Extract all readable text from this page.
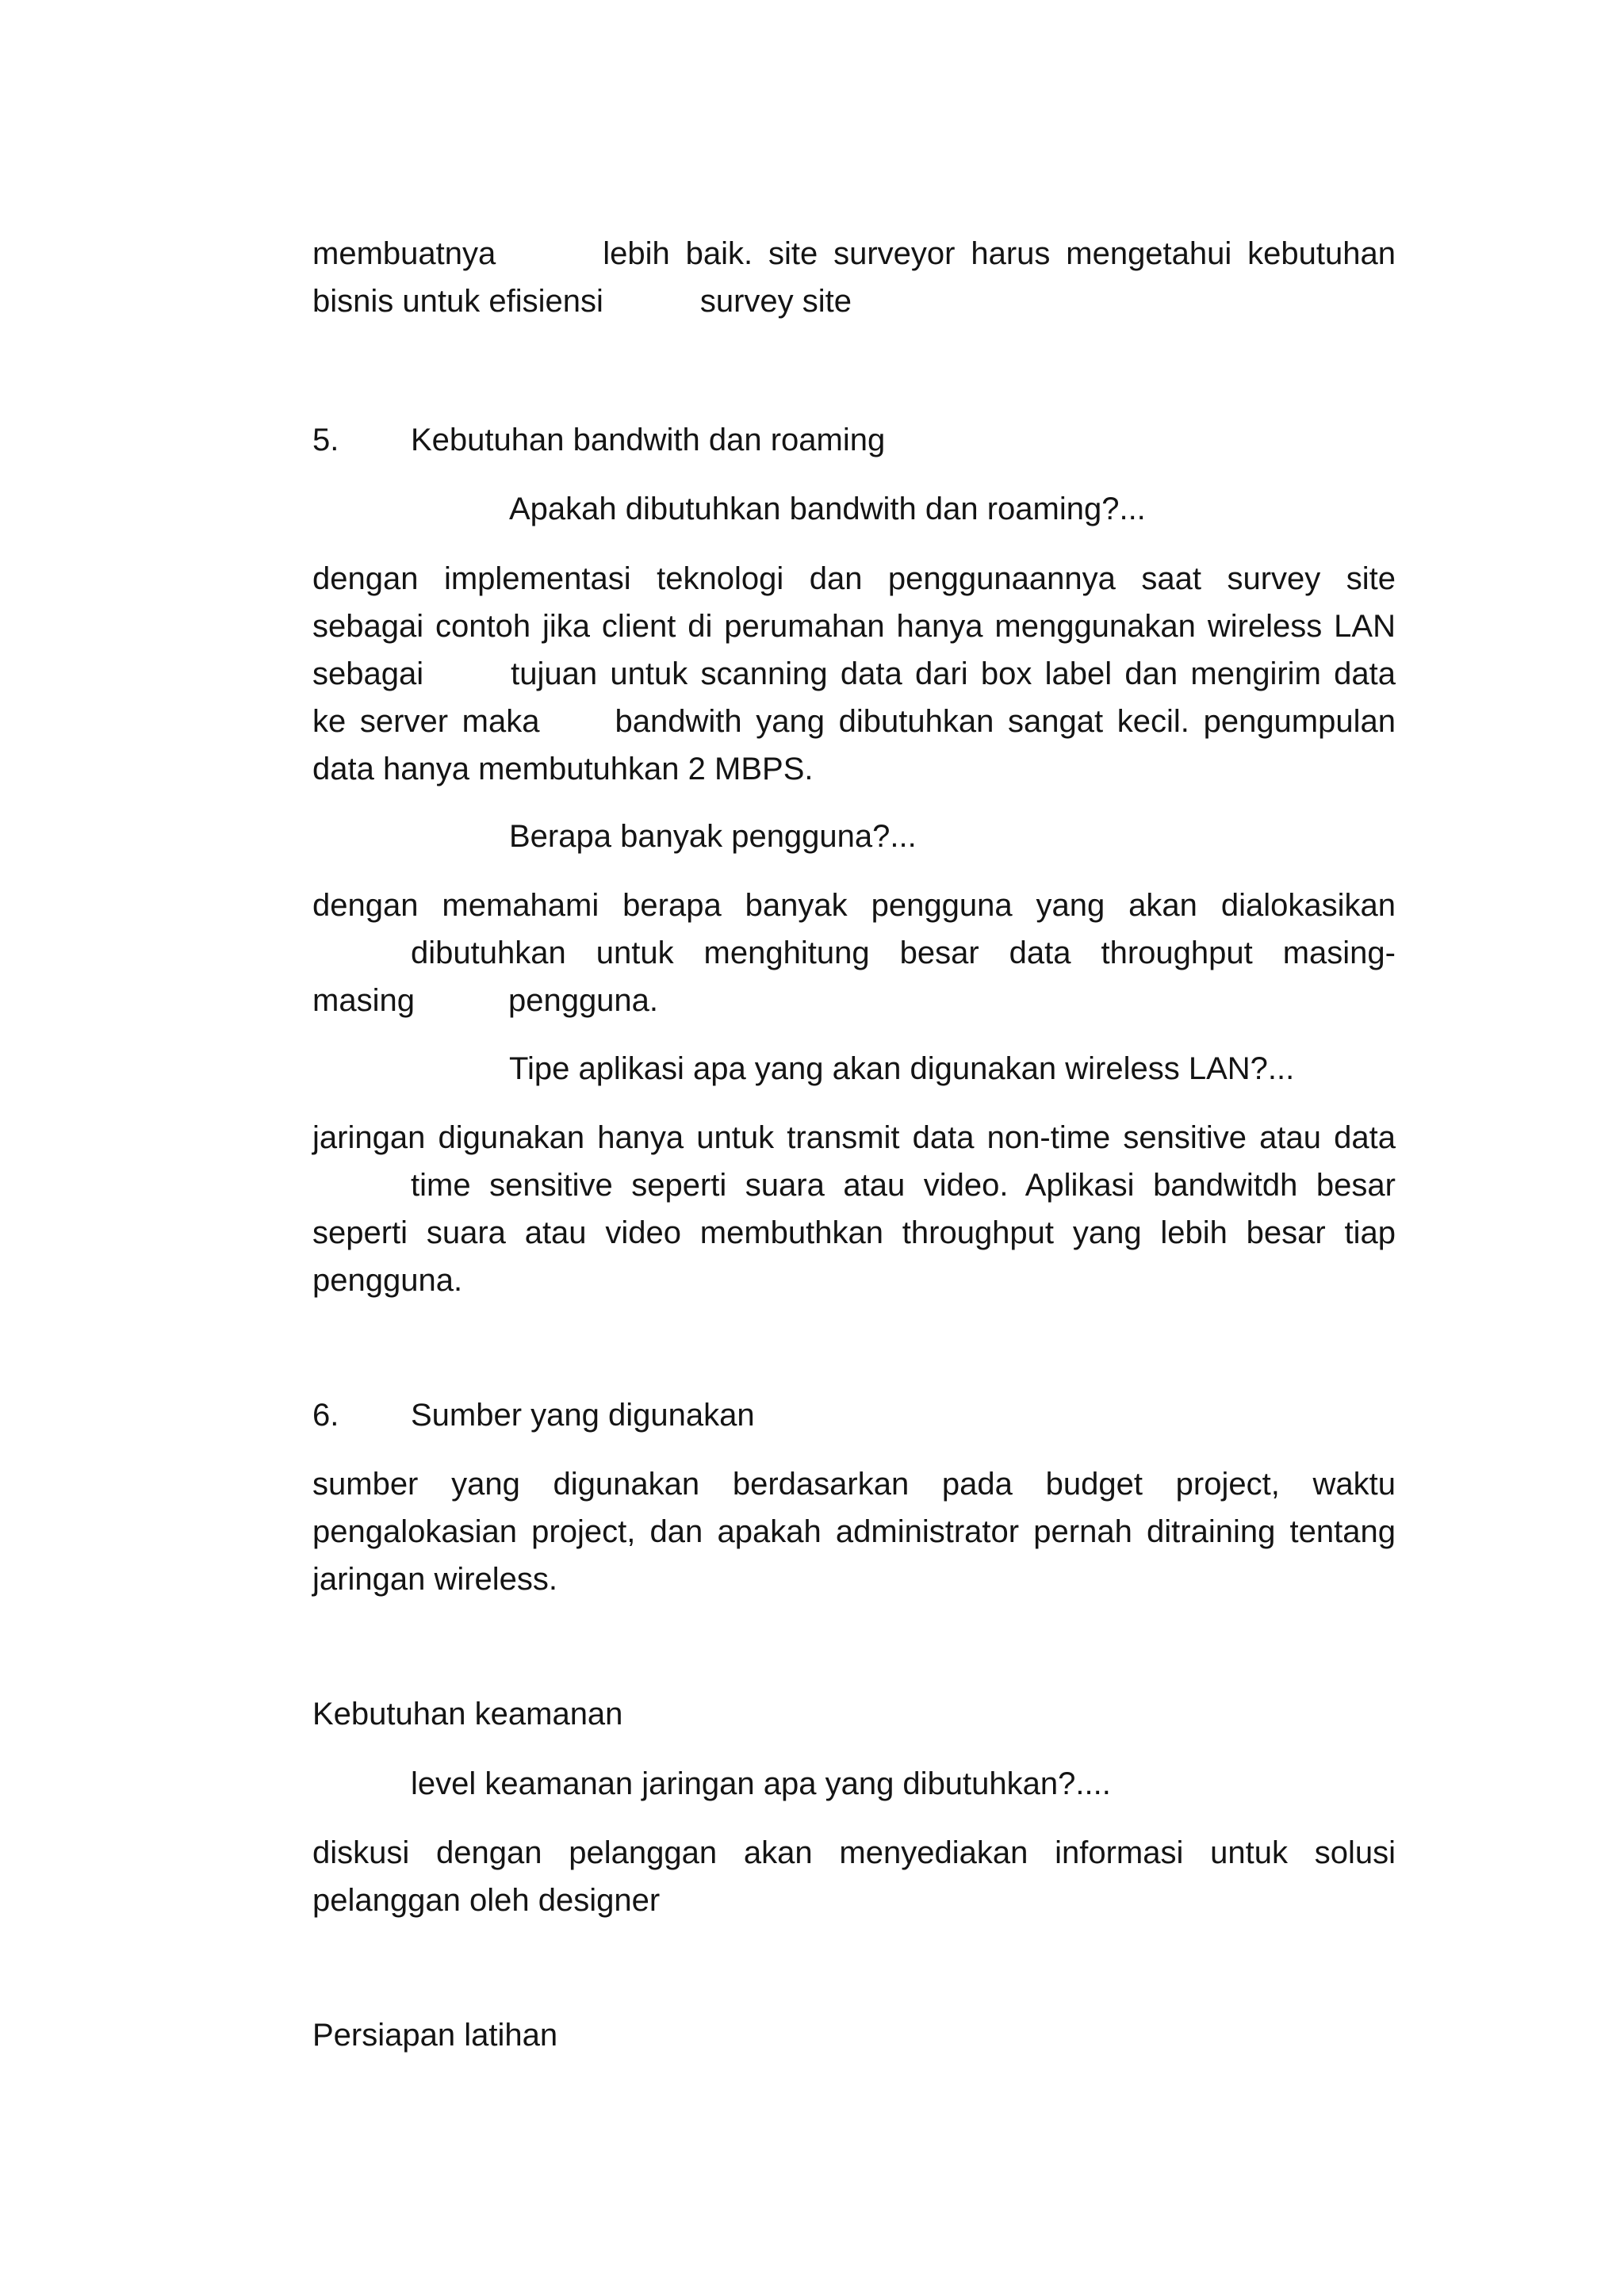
membuatnya	lebih baik. site surveyor harus mengetahui kebutuhan
bisnis untuk efisiensi	survey site
5. Kebutuhan bandwith dan roaming
Apakah dibutuhkan bandwith dan roaming?...
dengan implementasi teknologi dan penggunaannya saat survey site
sebagai contoh jika client di perumahan hanya menggunakan wireless LAN
sebagai	tujuan untuk scanning data dari box label dan mengirim data
ke server maka bandwith yang dibutuhkan sangat kecil. pengumpulan
data hanya membutuhkan 2 MBPS.
Berapa banyak pengguna?...
dengan memahami berapa banyak pengguna yang akan dialokasikan
dibutuhkan untuk menghitung besar data throughput masing-
masing	pengguna.
Tipe aplikasi apa yang akan digunakan wireless LAN?...
jaringan digunakan hanya untuk transmit data non-time sensitive atau data
time sensitive seperti suara atau video. Aplikasi bandwitdh besar
seperti suara atau video membuthkan throughput yang lebih besar tiap
pengguna.
6. Sumber yang digunakan
sumber yang digunakan berdasarkan pada budget project, waktu
pengalokasian project, dan apakah administrator pernah ditraining tentang
jaringan wireless.
Kebutuhan keamanan
level keamanan jaringan apa yang dibutuhkan?....
diskusi dengan pelanggan akan menyediakan informasi untuk solusi
pelanggan oleh designer
Persiapan latihan
